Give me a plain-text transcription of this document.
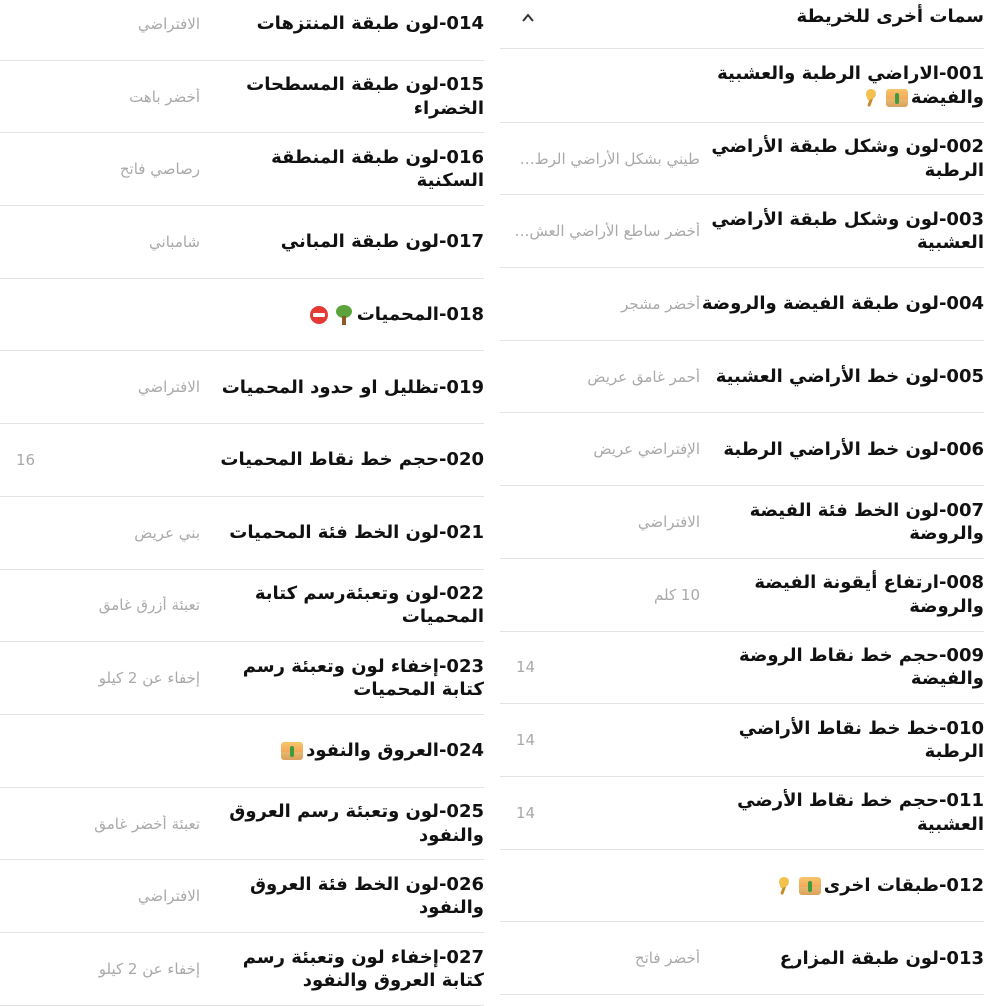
سمات أخرى للخريطة
001-الاراضي الرطبة والعشبية والفيضة
002-لون وشكل طبقة الأراضي الرطبة
طيني بشكل الأراضي الرط…
003-لون وشكل طبقة الأراضي العشبية
أخضر ساطع الأراضي العش…
004-لون طبقة الفيضة والروضة
أخضر مشجر
005-لون خط الأراضي العشبية
أحمر غامق عريض
006-لون خط الأراضي الرطبة
الإفتراضي عريض
007-لون الخط فئة الفيضة والروضة
الافتراضي
008-ارتفاع أيقونة الفيضة والروضة
10 كلم
009-حجم خط نقاط الروضة والفيضة
14
010-خط خط نقاط الأراضي الرطبة
14
011-حجم خط نقاط الأرضي العشبية
14
012-طبقات اخرى
013-لون طبقة المزارع
أخضر فاتح
014-لون طبقة المنتزهات
الافتراضي
015-لون طبقة المسطحات الخضراء
أخضر باهت
016-لون طبقة المنطقة السكنية
رصاصي فاتح
017-لون طبقة المباني
شامباني
018-المحميات
019-تظليل او حدود المحميات
الافتراضي
020-حجم خط نقاط المحميات
16
021-لون الخط فئة المحميات
بني عريض
022-لون وتعبئةرسم كتابة المحميات
تعبئة أزرق غامق
023-إخفاء لون وتعبئة رسم كتابة المحميات
إخفاء عن 2 كيلو
024-العروق والنفود
025-لون وتعبئة رسم العروق والنفود
تعبئة أخضر غامق
026-لون الخط فئة العروق والنفود
الافتراضي
027-إخفاء لون وتعبئة رسم كتابة العروق والنفود
إخفاء عن 2 كيلو
